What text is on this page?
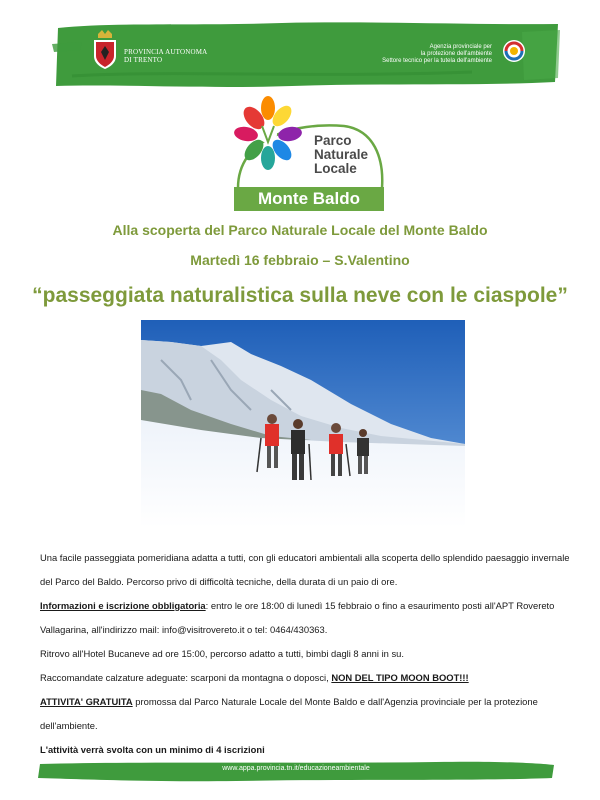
PROVINCIA AUTONOMA
DI TRENTO
Agenzia provinciale per
la protezione dell'ambiente
Settore tecnico per la tutela dell'ambiente
Parco
Naturale
Locale
Monte Baldo
Alla scoperta del Parco Naturale Locale del Monte Baldo
Martedì 16 febbraio – S.Valentino
“passeggiata naturalistica sulla neve con le ciaspole”

Una facile passeggiata pomeridiana adatta a tutti, con gli educatori ambientali alla scoperta dello splendido paesaggio invernale del Parco del Baldo. Percorso privo di difficoltà tecniche, della durata di un paio di ore.

Informazioni e iscrizione obbligatoria: entro le ore 18:00 di lunedì 15 febbraio o fino a esaurimento posti all'APT Rovereto Vallagarina, all'indirizzo mail: info@visitrovereto.it o tel: 0464/430363.

Ritrovo all'Hotel Bucaneve ad ore 15:00, percorso adatto a tutti, bimbi dagli 8 anni in su.

Raccomandate calzature adeguate: scarponi da montagna o doposci, NON DEL TIPO MOON BOOT!!!

ATTIVITA' GRATUITA promossa dal Parco Naturale Locale del Monte Baldo e dall'Agenzia provinciale per la protezione dell'ambiente.

L'attività verrà svolta con un minimo di 4 iscrizioni

www.appa.provincia.tn.it/educazioneambientale
